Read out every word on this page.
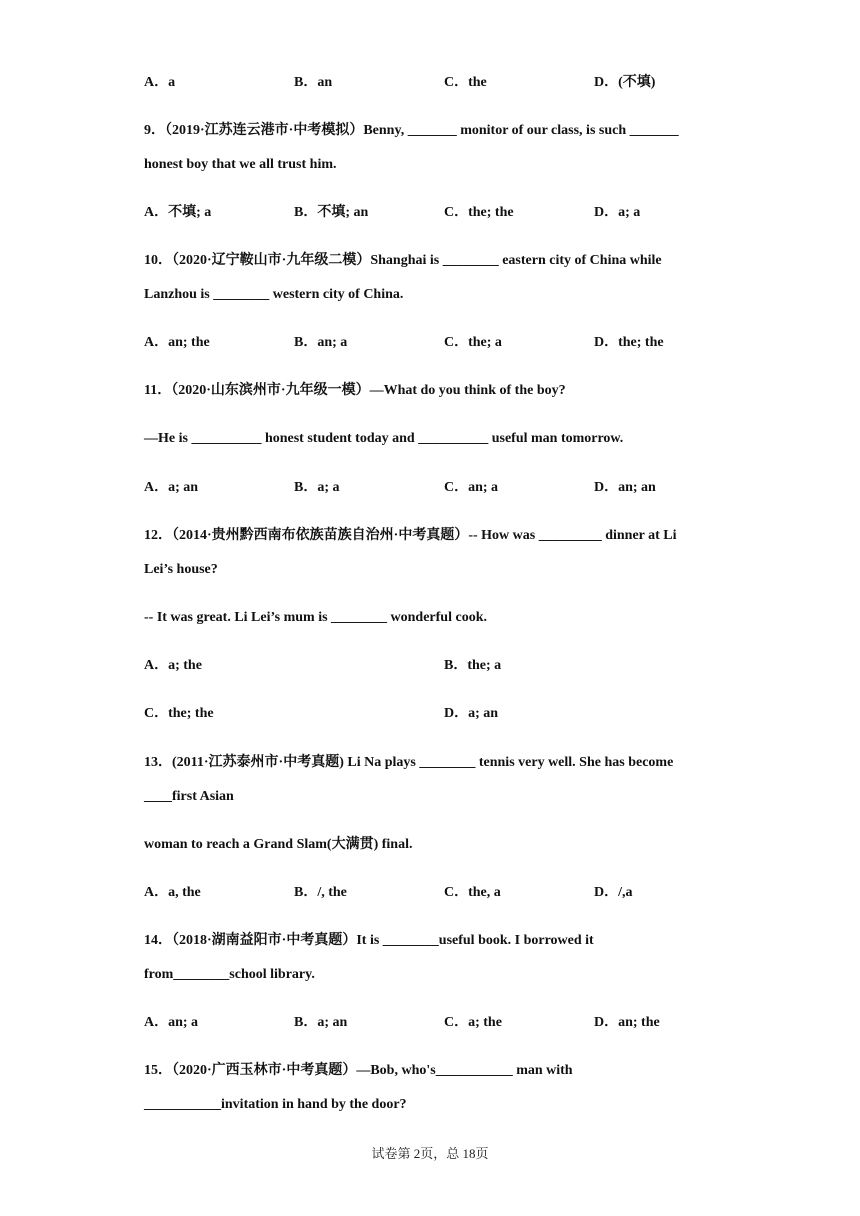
A．a	B．an	C．the	D．(不填)

9．（2019·江苏连云港市·中考模拟）Benny, _______ monitor of our class, is such _______

honest boy that we all trust him.

A．不填; a	B．不填; an	C．the; the	D．a; a

10．（2020·辽宁鞍山市·九年级二模）Shanghai is ________ eastern city of China while

Lanzhou is ________ western city of China.

A．an; the	B．an; a	C．the; a	D．the; the

11．（2020·山东滨州市·九年级一模）—What do you think of the boy?

—He is __________ honest student today and __________ useful man tomorrow.

A．a; an	B．a; a	C．an; a	D．an; an

12．（2014·贵州黔西南布依族苗族自治州·中考真题）-- How was _________ dinner at Li

Lei’s house?

-- It was great. Li Lei’s mum is ________ wonderful cook.

A．a; the	B．the; a
C．the; the	D．a; an

13．(2011·江苏泰州市·中考真题) Li Na plays ________ tennis very well. She has become

____first Asian

woman to reach a Grand Slam(大满贯) final.

A．a, the	B．/, the	C．the, a	D．/,a

14．（2018·湖南益阳市·中考真题）It is ________useful book. I borrowed it

from________school library.

A．an; a	B．a; an	C．a; the	D．an; the

15．（2020·广西玉林市·中考真题）—Bob, who's___________ man with

___________invitation in hand by the door?

试卷第 2页，总 18页
